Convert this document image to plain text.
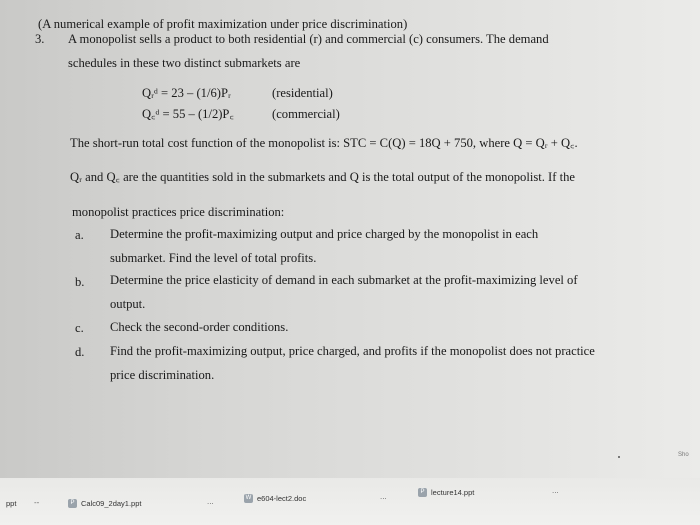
(A numerical example of profit maximization under price discrimination)
3. A monopolist sells a product to both residential (r) and commercial (c) consumers. The demand
schedules in these two distinct submarkets are
Qᵣᵈ = 23 – (1/6)Pᵣ	(residential)
Q꜀ᵈ = 55 – (1/2)P꜀	(commercial)
The short-run total cost function of the monopolist is: STC = C(Q) = 18Q + 750, where Q = Qᵣ + Q꜀.
Qᵣ and Q꜀ are the quantities sold in the submarkets and Q is the total output of the monopolist. If the
monopolist practices price discrimination:
a. Determine the profit-maximizing output and price charged by the monopolist in each
submarket. Find the level of total profits.
b. Determine the price elasticity of demand in each submarket at the profit-maximizing level of
output.
c. Check the second-order conditions.
d. Find the profit-maximizing output, price charged, and profits if the monopolist does not practice
price discrimination.
Sho
ppt --	P Calc09_2day1.ppt	...	W e604-lect2.doc	...	P lecture14.ppt	...
